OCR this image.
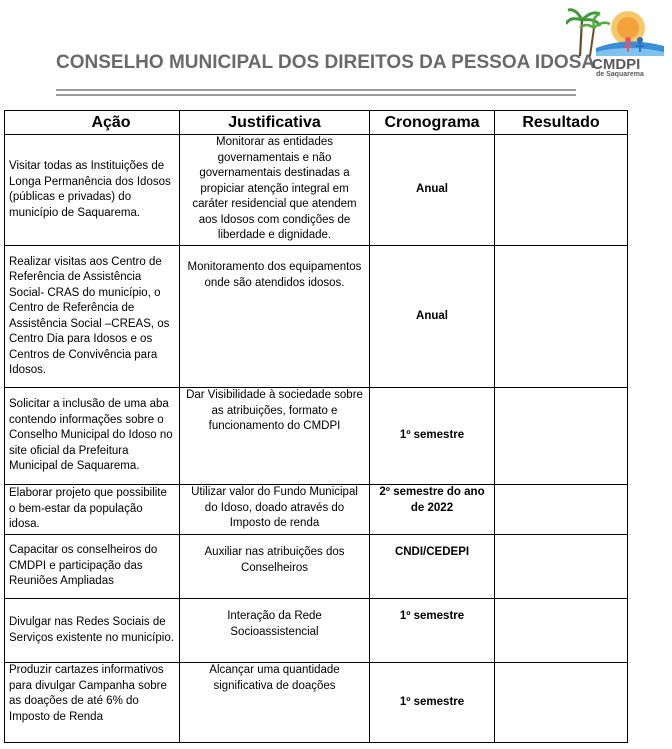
CONSELHO MUNICIPAL DOS DIREITOS DA PESSOA IDOSA
CMDPI
de Saquarema
Ação	Justificativa	Cronograma	Resultado
Visitar todas as Instituições de Longa Permanência dos Idosos (públicas e privadas) do município de Saquarema.	Monitorar as entidades governamentais e não governamentais destinadas a propiciar atenção integral em caráter residencial que atendem aos Idosos com condições de liberdade e dignidade.	Anual	
Realizar visitas aos Centro de Referência de Assistência Social- CRAS do município, o Centro de Referência de Assistência Social –CREAS, os Centro Dia para Idosos e os Centros de Convivência para Idosos.	Monitoramento dos equipamentos onde são atendidos idosos.	Anual	
Solicitar a inclusão de uma aba contendo informações sobre o Conselho Municipal do Idoso no site oficial da Prefeitura Municipal de Saquarema.	Dar Visibilidade à sociedade sobre as atribuições, formato e funcionamento do CMDPI	1º semestre	
Elaborar projeto que possibilite o bem-estar da população idosa.	Utilizar valor do Fundo Municipal do Idoso, doado através do Imposto de renda	2º semestre do ano de 2022	
Capacitar os conselheiros do CMDPI e participação das Reuniões Ampliadas	Auxiliar nas atribuições dos Conselheiros	CNDI/CEDEPI	
Divulgar nas Redes Sociais de Serviços existente no município.	Interação da Rede Socioassistencial	1º semestre	
Produzir cartazes informativos para divulgar Campanha sobre as doações de até 6% do Imposto de Renda	Alcançar uma quantidade significativa de doações	1º semestre	
